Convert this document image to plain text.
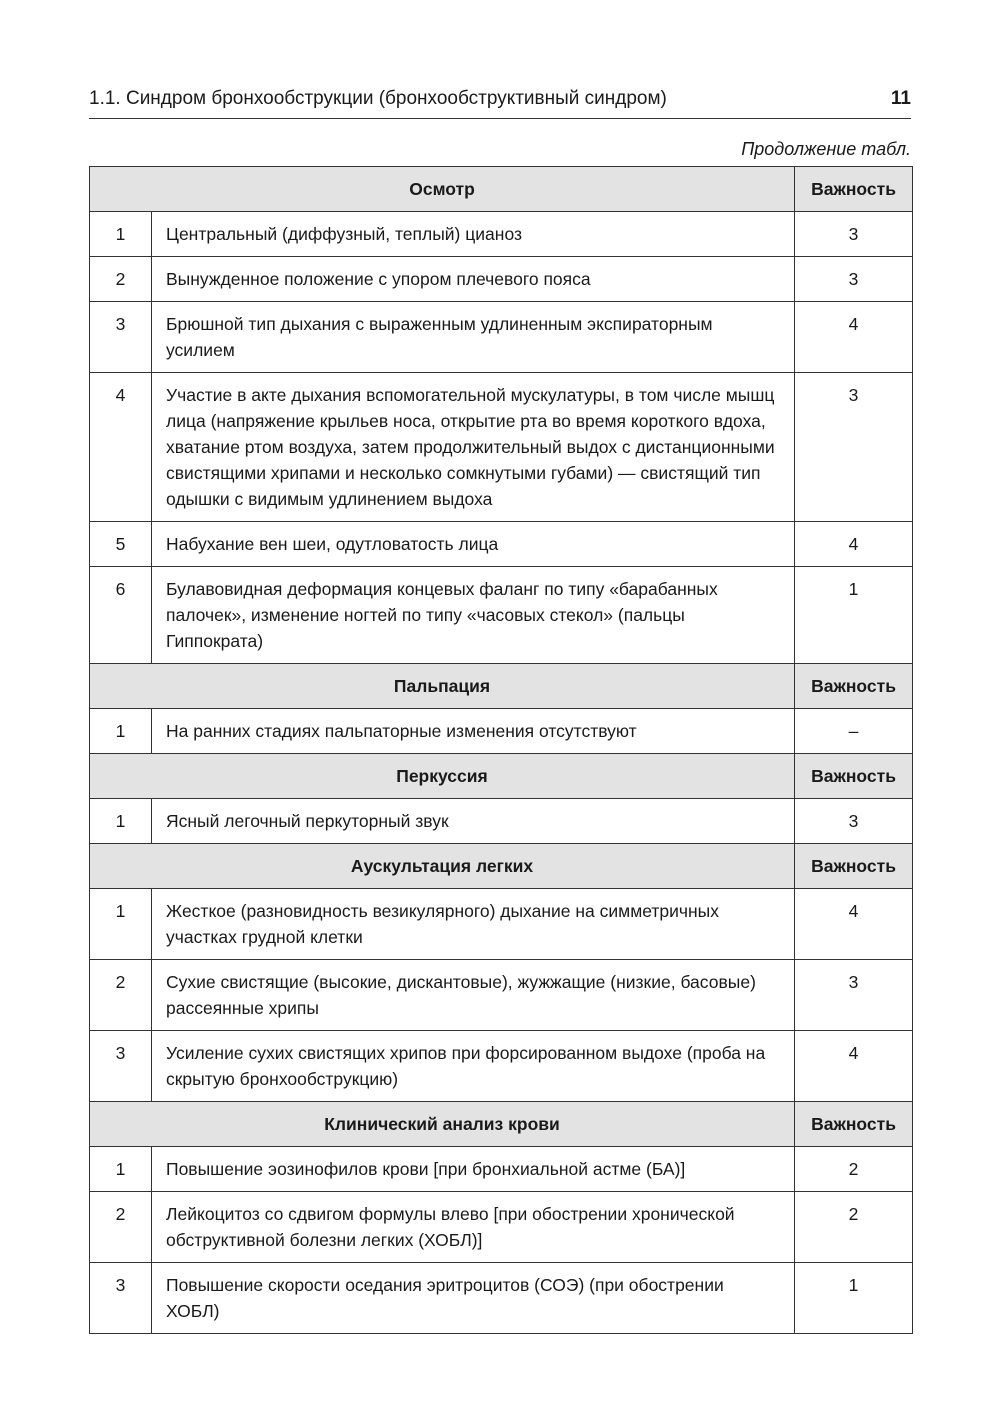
1.1. Синдром бронхообструкции (бронхообструктивный синдром)	11
Продолжение табл.
Осмотр		Важность
1	Центральный (диффузный, теплый) цианоз	3
2	Вынужденное положение с упором плечевого пояса	3
3	Брюшной тип дыхания с выраженным удлиненным экспираторным усилием	4
4	Участие в акте дыхания вспомогательной мускулатуры, в том числе мышц лица (напряжение крыльев носа, открытие рта во время короткого вдоха, хватание ртом воздуха, затем продолжительный выдох с дистанционными свистящими хрипами и несколько сомкнутыми губами) — свистящий тип одышки с видимым удлинением выдоха	3
5	Набухание вен шеи, одутловатость лица	4
6	Булавовидная деформация концевых фаланг по типу «барабанных палочек», изменение ногтей по типу «часовых стекол» (пальцы Гиппократа)	1
Пальпация		Важность
1	На ранних стадиях пальпаторные изменения отсутствуют	–
Перкуссия		Важность
1	Ясный легочный перкуторный звук	3
Аускультация легких		Важность
1	Жесткое (разновидность везикулярного) дыхание на симметричных участках грудной клетки	4
2	Сухие свистящие (высокие, дискантовые), жужжащие (низкие, басовые) рассеянные хрипы	3
3	Усиление сухих свистящих хрипов при форсированном выдохе (проба на скрытую бронхообструкцию)	4
Клинический анализ крови		Важность
1	Повышение эозинофилов крови [при бронхиальной астме (БА)]	2
2	Лейкоцитоз со сдвигом формулы влево [при обострении хронической обструктивной болезни легких (ХОБЛ)]	2
3	Повышение скорости оседания эритроцитов (СОЭ) (при обострении ХОБЛ)	1
